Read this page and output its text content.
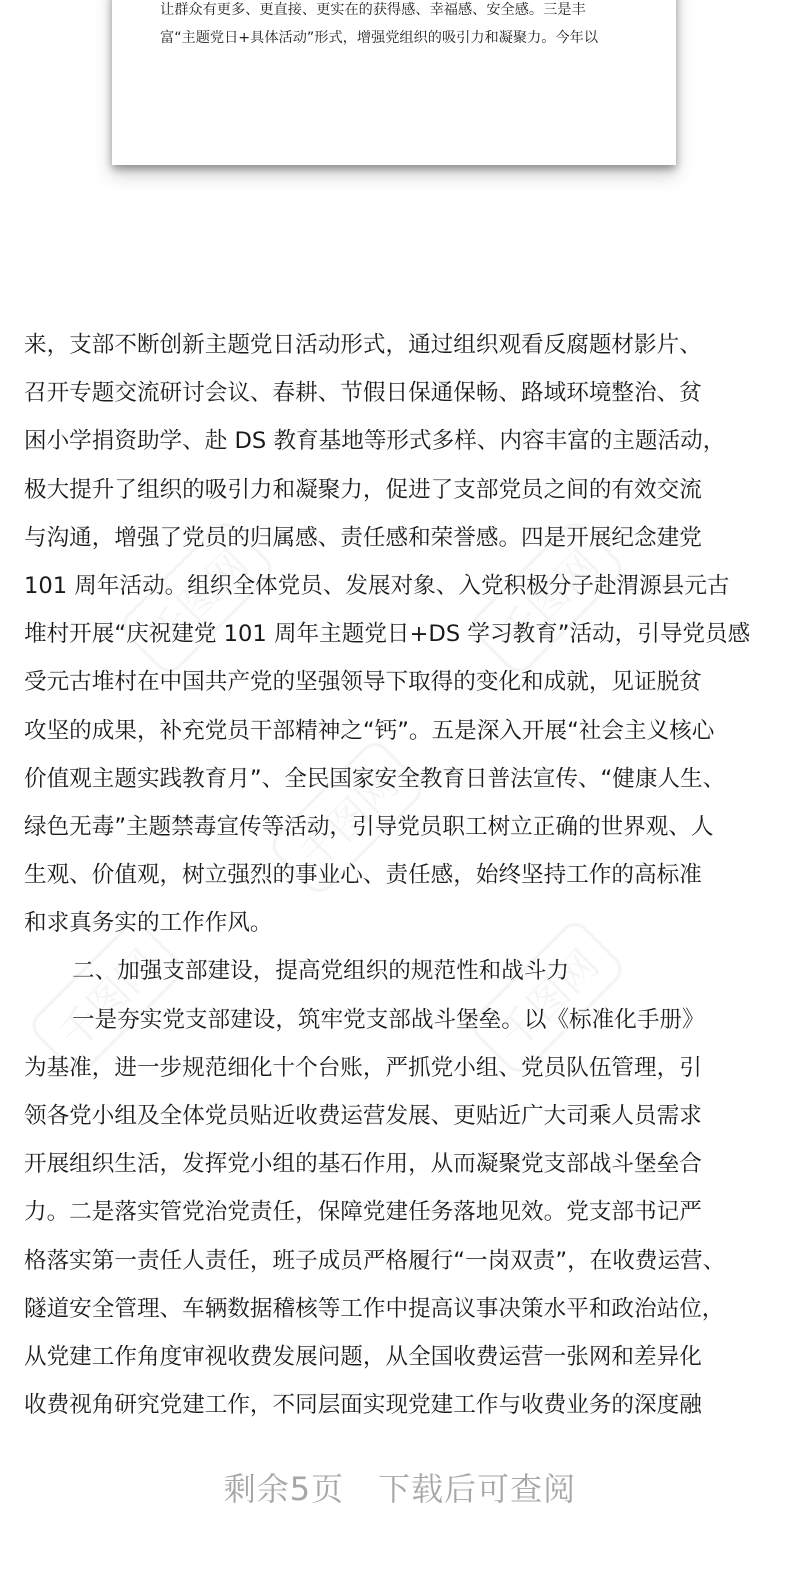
让群众有更多、更直接、更实在的获得感、幸福感、安全感。三是丰
富“主题党日+具体活动”形式，增强党组织的吸引力和凝聚力。今年以
千图网	千图网
千图网
千图网	千图网
来，支部不断创新主题党日活动形式，通过组织观看反腐题材影片、
召开专题交流研讨会议、春耕、节假日保通保畅、路域环境整治、贫
困小学捐资助学、赴 DS 教育基地等形式多样、内容丰富的主题活动，
极大提升了组织的吸引力和凝聚力，促进了支部党员之间的有效交流
与沟通，增强了党员的归属感、责任感和荣誉感。四是开展纪念建党
101 周年活动。组织全体党员、发展对象、入党积极分子赴渭源县元古
堆村开展“庆祝建党 101 周年主题党日+DS 学习教育”活动，引导党员感
受元古堆村在中国共产党的坚强领导下取得的变化和成就，见证脱贫
攻坚的成果，补充党员干部精神之“钙”。五是深入开展“社会主义核心
价值观主题实践教育月”、全民国家安全教育日普法宣传、“健康人生、
绿色无毒”主题禁毒宣传等活动，引导党员职工树立正确的世界观、人
生观、价值观，树立强烈的事业心、责任感，始终坚持工作的高标准
和求真务实的工作作风。
二、加强支部建设，提高党组织的规范性和战斗力
一是夯实党支部建设，筑牢党支部战斗堡垒。以《标准化手册》
为基准，进一步规范细化十个台账，严抓党小组、党员队伍管理，引
领各党小组及全体党员贴近收费运营发展、更贴近广大司乘人员需求
开展组织生活，发挥党小组的基石作用，从而凝聚党支部战斗堡垒合
力。二是落实管党治党责任，保障党建任务落地见效。党支部书记严
格落实第一责任人责任，班子成员严格履行“一岗双责”，在收费运营、
隧道安全管理、车辆数据稽核等工作中提高议事决策水平和政治站位，
从党建工作角度审视收费发展问题，从全国收费运营一张网和差异化
收费视角研究党建工作，不同层面实现党建工作与收费业务的深度融
剩余5页 下载后可查阅
